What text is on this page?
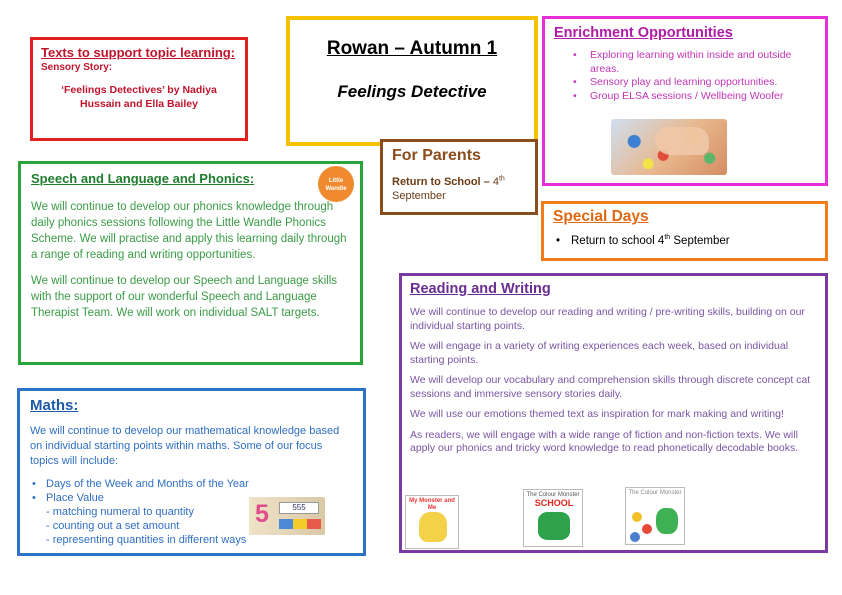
Texts to support topic learning:
Sensory Story:
‘Feelings Detectives’ by Nadiya Hussain and Ella Bailey
Rowan – Autumn 1
Feelings Detective
Enrichment Opportunities
• Exploring learning within inside and outside areas.
• Sensory play and learning opportunities.
• Group ELSA sessions / Wellbeing Woofer
For Parents
Return to School – 4th
September
Special Days
• Return to school 4th September
Speech and Language and Phonics:	Little Wandle

We will continue to develop our phonics knowledge through daily phonics sessions following the Little Wandle Phonics Scheme. We will practise and apply this learning daily through a range of reading and writing opportunities.

We will continue to develop our Speech and Language skills with the support of our wonderful Speech and Language Therapist Team. We will work on individual SALT targets.

Maths:

We will continue to develop our mathematical knowledge based on individual starting points within maths. Some of our focus topics will include:

• Days of the Week and Months of the Year
• Place Value
- matching numeral to quantity
- counting out a set amount
- representing quantities in different ways
5	555
Reading and Writing

We will continue to develop our reading and writing / pre-writing skills, building on our individual starting points.

We will engage in a variety of writing experiences each week, based on individual starting points.

We will develop our vocabulary and comprehension skills through discrete concept cat sessions and immersive sensory stories daily.

We will use our emotions themed text as inspiration for mark making and writing!

As readers, we will engage with a wide range of fiction and non-fiction texts. We will apply our phonics and tricky word knowledge to read phonetically decodable books.

My Monster and Me
The Colour Monster
SCHOOL
The Colour Monster
